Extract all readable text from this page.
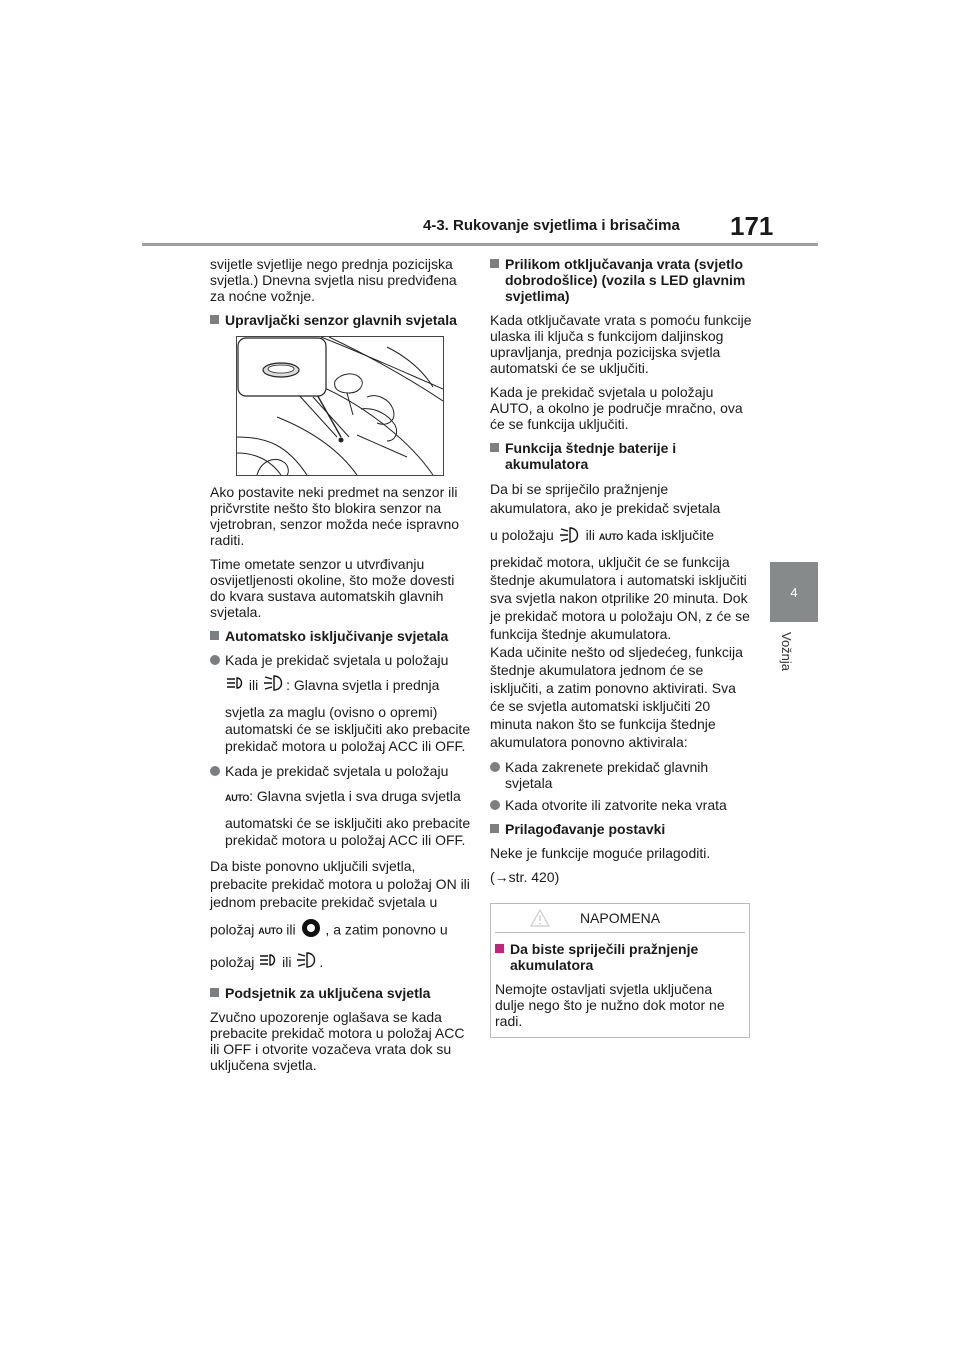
4-3. Rukovanje svjetlima i brisačima 171
4
Vožnja

svijetle svjetlije nego prednja pozicijska svjetla.) Dnevna svjetla nisu predviđena za noćne vožnje.

Upravljački senzor glavnih svjetala

Ako postavite neki predmet na senzor ili pričvrstite nešto što blokira senzor na vjetrobran, senzor možda neće ispravno raditi.

Time ometate senzor u utvrđivanju osvijetljenosti okoline, što može dovesti do kvara sustava automatskih glavnih svjetala.

Automatsko isključivanje svjetala
Kada je prekidač svjetala u položaju
ili : Glavna svjetla i prednja

svjetla za maglu (ovisno o opremi) automatski će se isključiti ako prebacite prekidač motora u položaj ACC ili OFF.

Kada je prekidač svjetala u položaju
AUTO: Glavna svjetla i sva druga svjetla

automatski će se isključiti ako prebacite prekidač motora u položaj ACC ili OFF.

Da biste ponovno uključili svjetla, prebacite prekidač motora u položaj ON ili jednom prebacite prekidač svjetala u

položaj AUTO ili , a zatim ponovno u
položaj ili .
Podsjetnik za uključena svjetla

Zvučno upozorenje oglašava se kada prebacite prekidač motora u položaj ACC ili OFF i otvorite vozačeva vrata dok su uključena svjetla.

Prilikom otključavanja vrata (svjetlo dobrodošlice) (vozila s LED glavnim svjetlima)

Kada otključavate vrata s pomoću funkcije ulaska ili ključa s funkcijom daljinskog upravljanja, prednja pozicijska svjetla automatski će se uključiti.

Kada je prekidač svjetala u položaju AUTO, a okolno je područje mračno, ova će se funkcija uključiti.

Funkcija štednje baterije i akumulatora

Da bi se spriječilo pražnjenje akumulatora, ako je prekidač svjetala

u položaju ili AUTO kada isključite

prekidač motora, uključit će se funkcija štednje akumulatora i automatski isključiti sva svjetla nakon otprilike 20 minuta. Dok je prekidač motora u položaju ON, z će se funkcija štednje akumulatora.

Kada učinite nešto od sljedećeg, funkcija štednje akumulatora jednom će se isključiti, a zatim ponovno aktivirati. Sva će se svjetla automatski isključiti 20 minuta nakon što se funkcija štednje akumulatora ponovno aktivirala:

Kada zakrenete prekidač glavnih svjetala
Kada otvorite ili zatvorite neka vrata
Prilagođavanje postavki

Neke je funkcije moguće prilagoditi.

(→str. 420)

NAPOMENA
Da biste spriječili pražnjenje akumulatora

Nemojte ostavljati svjetla uključena dulje nego što je nužno dok motor ne radi.
